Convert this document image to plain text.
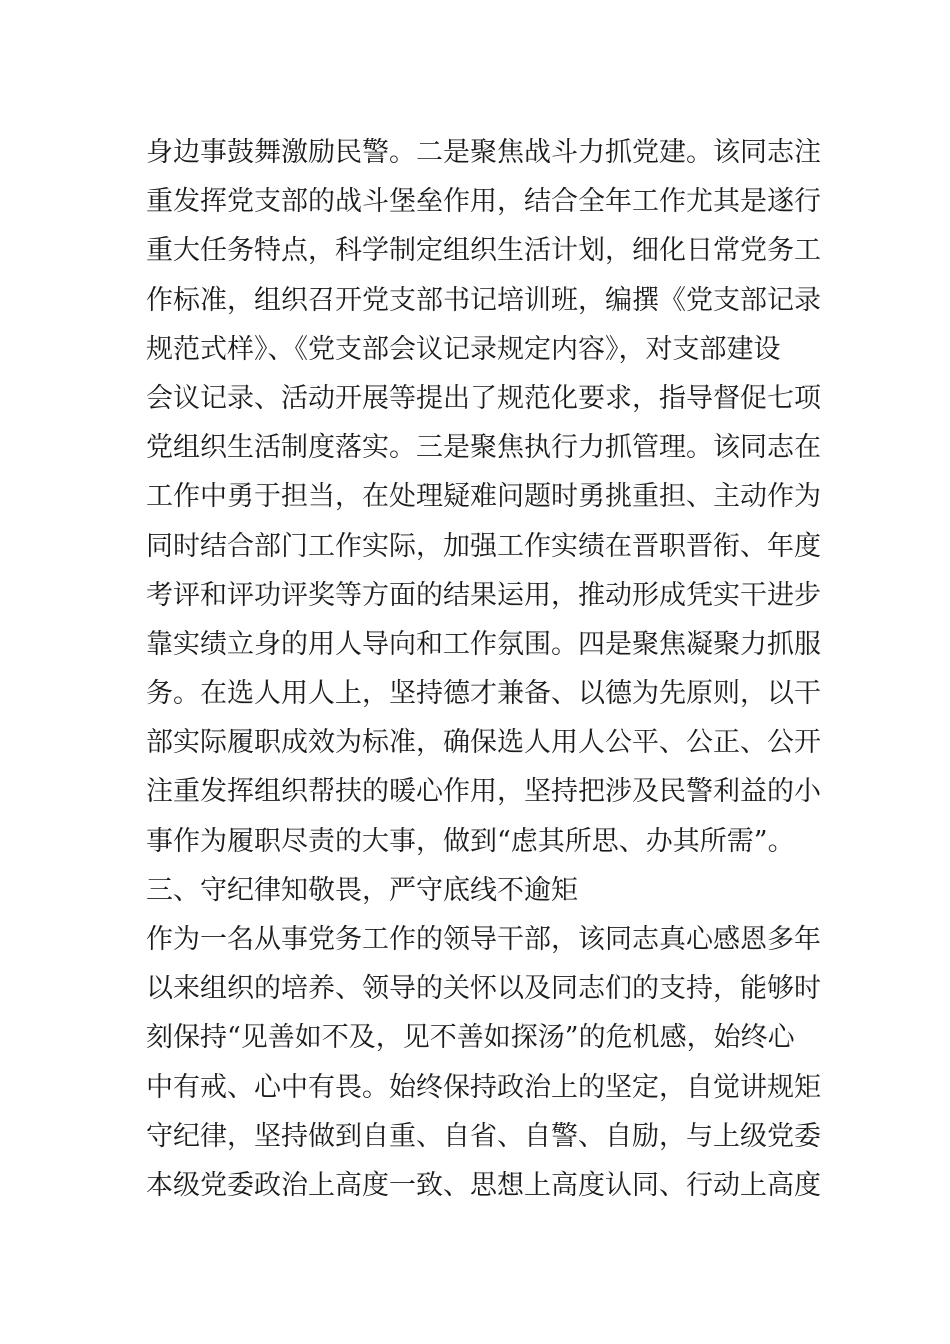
身边事鼓舞激励民警。二是聚焦战斗力抓党建。该同志注
重发挥党支部的战斗堡垒作用，结合全年工作尤其是遂行
重大任务特点，科学制定组织生活计划，细化日常党务工
作标准，组织召开党支部书记培训班，编撰《党支部记录
规范式样》、《党支部会议记录规定内容》，对支部建设
会议记录、活动开展等提出了规范化要求，指导督促七项
党组织生活制度落实。三是聚焦执行力抓管理。该同志在
工作中勇于担当，在处理疑难问题时勇挑重担、主动作为
同时结合部门工作实际，加强工作实绩在晋职晋衔、年度
考评和评功评奖等方面的结果运用，推动形成凭实干进步
靠实绩立身的用人导向和工作氛围。四是聚焦凝聚力抓服
务。在选人用人上，坚持德才兼备、以德为先原则，以干
部实际履职成效为标准，确保选人用人公平、公正、公开
注重发挥组织帮扶的暖心作用，坚持把涉及民警利益的小
事作为履职尽责的大事，做到“虑其所思、办其所需”。
三、守纪律知敬畏，严守底线不逾矩
作为一名从事党务工作的领导干部，该同志真心感恩多年
以来组织的培养、领导的关怀以及同志们的支持，能够时
刻保持“见善如不及，见不善如探汤”的危机感，始终心
中有戒、心中有畏。始终保持政治上的坚定，自觉讲规矩
守纪律，坚持做到自重、自省、自警、自励，与上级党委
本级党委政治上高度一致、思想上高度认同、行动上高度
